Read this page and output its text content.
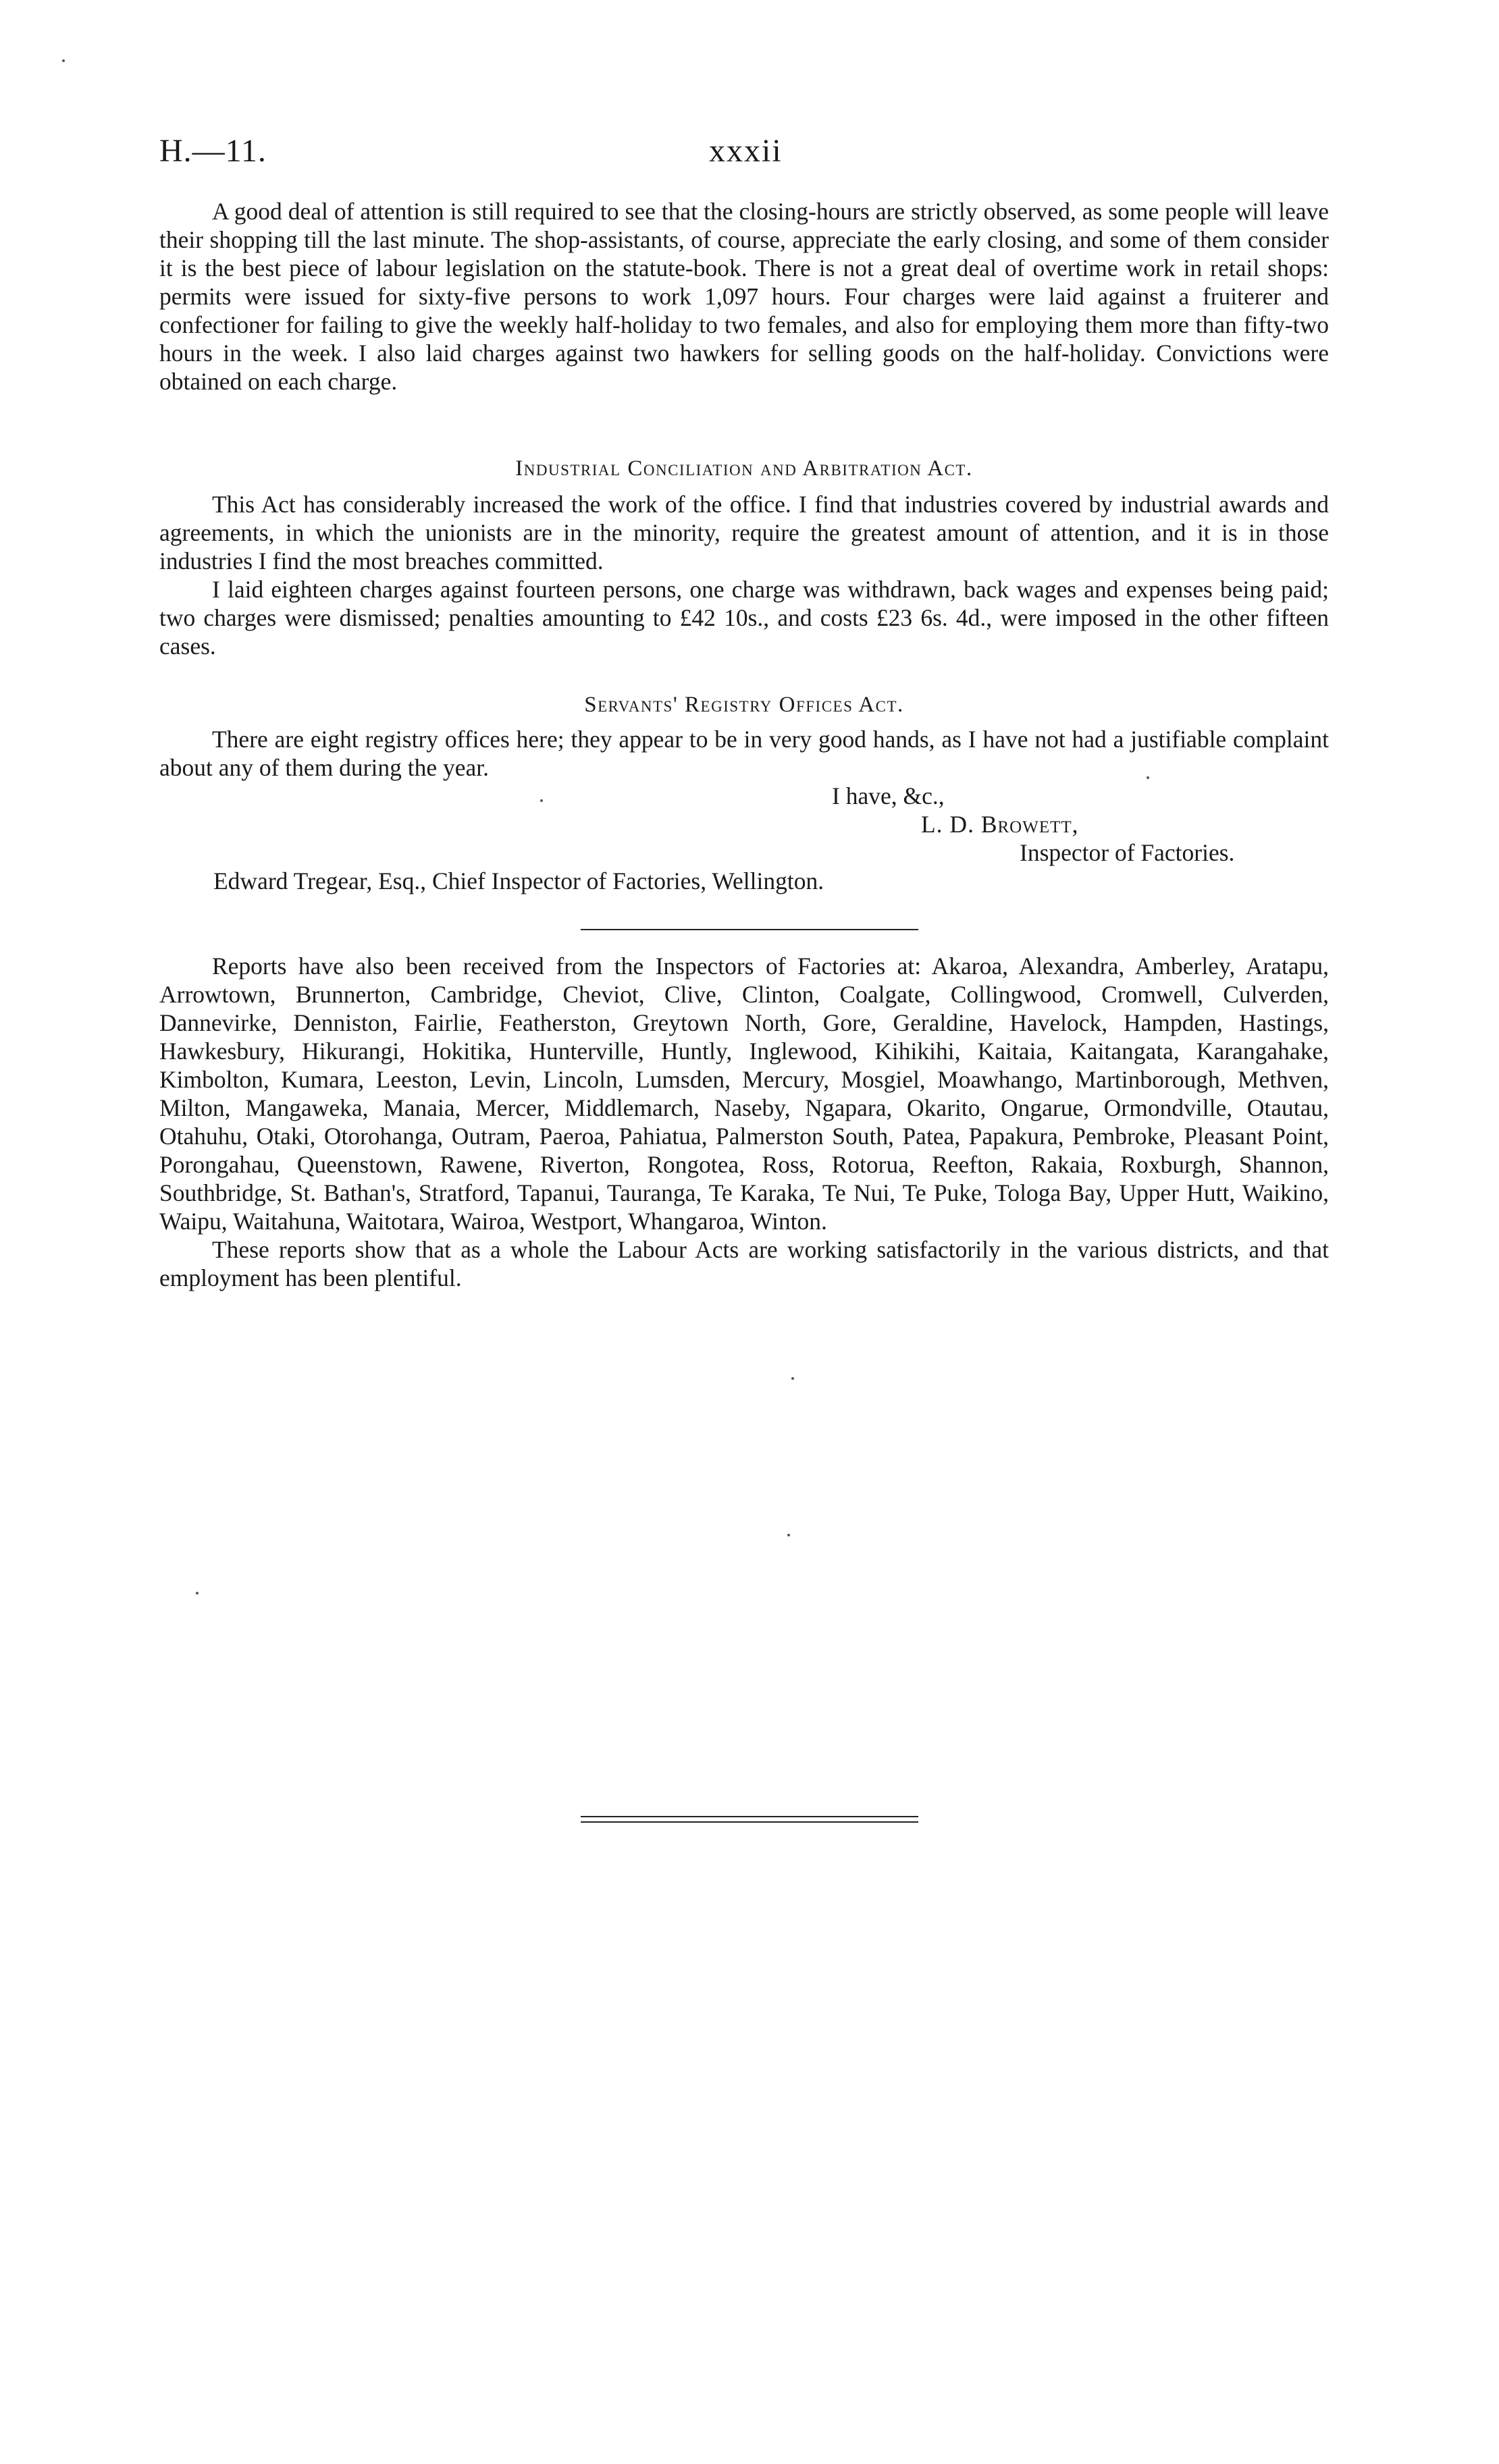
H.—11.	xxxii

A good deal of attention is still required to see that the closing-hours are strictly observed, as some people will leave their shopping till the last minute. The shop-assistants, of course, appreciate the early closing, and some of them consider it is the best piece of labour legislation on the statute-book. There is not a great deal of overtime work in retail shops: permits were issued for sixty-five persons to work 1,097 hours. Four charges were laid against a fruiterer and confectioner for failing to give the weekly half-holiday to two females, and also for employing them more than fifty-two hours in the week. I also laid charges against two hawkers for selling goods on the half-holiday. Convictions were obtained on each charge.

Industrial Conciliation and Arbitration Act.

This Act has considerably increased the work of the office. I find that industries covered by industrial awards and agreements, in which the unionists are in the minority, require the greatest amount of attention, and it is in those industries I find the most breaches committed.

I laid eighteen charges against fourteen persons, one charge was withdrawn, back wages and expenses being paid; two charges were dismissed; penalties amounting to £42 10s., and costs £23 6s. 4d., were imposed in the other fifteen cases.

Servants' Registry Offices Act.

There are eight registry offices here; they appear to be in very good hands, as I have not had a justifiable complaint about any of them during the year.

I have, &c.,
L. D. Browett,
Inspector of Factories.
Edward Tregear, Esq., Chief Inspector of Factories, Wellington.

Reports have also been received from the Inspectors of Factories at: Akaroa, Alexandra, Amberley, Aratapu, Arrowtown, Brunnerton, Cambridge, Cheviot, Clive, Clinton, Coalgate, Collingwood, Cromwell, Culverden, Dannevirke, Denniston, Fairlie, Featherston, Greytown North, Gore, Geraldine, Havelock, Hampden, Hastings, Hawkesbury, Hikurangi, Hokitika, Hunterville, Huntly, Inglewood, Kihikihi, Kaitaia, Kaitangata, Karangahake, Kimbolton, Kumara, Leeston, Levin, Lincoln, Lumsden, Mercury, Mosgiel, Moawhango, Martinborough, Methven, Milton, Mangaweka, Manaia, Mercer, Middlemarch, Naseby, Ngapara, Okarito, Ongarue, Ormondville, Otautau, Otahuhu, Otaki, Otorohanga, Outram, Paeroa, Pahiatua, Palmerston South, Patea, Papakura, Pembroke, Pleasant Point, Porongahau, Queenstown, Rawene, Riverton, Rongotea, Ross, Rotorua, Reefton, Rakaia, Roxburgh, Shannon, Southbridge, St. Bathan's, Stratford, Tapanui, Tauranga, Te Karaka, Te Nui, Te Puke, Tologa Bay, Upper Hutt, Waikino, Waipu, Waitahuna, Waitotara, Wairoa, Westport, Whangaroa, Winton.

These reports show that as a whole the Labour Acts are working satisfactorily in the various districts, and that employment has been plentiful.
